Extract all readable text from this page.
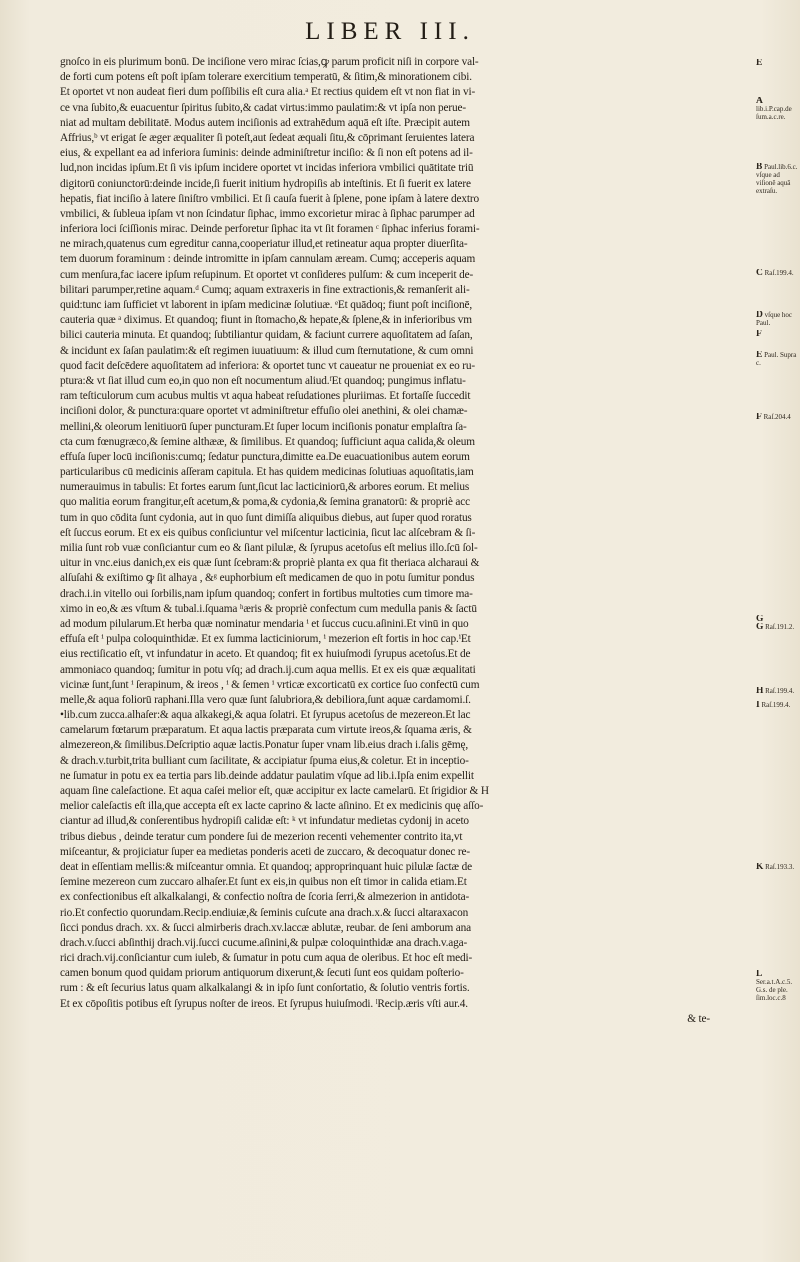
LIBER III.
gnoſco in eis plurimum bonū. De inciſione vero mirac ſcias,ꝙ parum proficit niſi in corpore val-
de forti cum potens eſt poſt ipſam tolerare exercitium temperatū, & ſitim,& minorationem cibi.
Et oportet vt non audeat fieri dum poſſibilis eſt cura alia.ᵃ Et rectius quidem eſt vt non fiat in vi-
ce vna ſubito,& euacuentur ſpiritus ſubito,& cadat virtus:immo paulatim:& vt ipſa non perue-
niat ad multam debilitatē. Modus autem inciſionis ad extrahēdum aquā eſt iſte. Præcipit autem
Affrius,ᵇ vt erigat ſe æger æqualiter ſi poteſt,aut ſedeat æquali ſitu,& cōprimant ſeruientes latera
eius, & expellant ea ad inferiora ſuminis: deinde adminiſtretur inciſio: & ſi non eſt potens ad il-
lud,non incidas ipſum.Et ſi vis ipſum incidere oportet vt incidas inferiora vmbilici quātitate triū
digitorū coniunctorū:deinde incide,ſi fuerit initium hydropiſis ab inteſtinis. Et ſi fuerit ex latere
hepatis, fiat inciſio à latere ſiniſtro vmbilici. Et ſi cauſa fuerit à ſplene, pone ipſam à latere dextro
vmbilici, & ſubleua ipſam vt non ſcindatur ſiphac, immo excorietur mirac à ſiphac parumper ad
inferiora loci ſciſſionis mirac. Deinde perforetur ſiphac ita vt ſit foramen ᶜ ſiphac inferius forami-
ne mirach,quatenus cum egreditur canna,cooperiatur illud,et retineatur aqua propter diuerſita-
tem duorum foraminum : deinde intromitte in ipſam cannulam æream. Cumq; acceperis aquam
cum menſura,fac iacere ipſum reſupinum. Et oportet vt conſideres pulſum: & cum inceperit de-
bilitari parumper,retine aquam.ᵈ Cumq; aquam extraxeris in fine extractionis,& remanſerit ali-
quid:tunc iam ſufficiet vt laborent in ipſam medicinæ ſolutiuæ. ᵉEt quādoq; fiunt poſt inciſionē,
cauteria quæ ᵃ diximus. Et quandoq; fiunt in ſtomacho,& hepate,& ſplene,& in inferioribus vm
bilici cauteria minuta. Et quandoq; ſubtiliantur quidam, & faciunt currere aquoſitatem ad ſaſan,
& incidunt ex ſaſan paulatim:& eſt regimen iuuatiuum: & illud cum ſternutatione, & cum omni
quod facit deſcēdere aquoſitatem ad inferiora: & oportet tunc vt caueatur ne proueniat ex eo ru-
ptura:& vt ſiat illud cum eo,in quo non eſt nocumentum aliud.ᶠEt quandoq; pungimus inflatu-
ram teſticulorum cum acubus multis vt aqua habeat reſudationes pluriimas. Et fortaſſe ſuccedit
inciſioni dolor, & punctura:quare oportet vt adminiſtretur effuſio olei anethini, & olei chamæ-
mellini,& oleorum lenitiuorū ſuper puncturam.Et ſuper locum inciſionis ponatur emplaſtra ſa-
cta cum fœnugræco,& ſemine althææ, & ſimilibus. Et quandoq; ſufficiunt aqua calida,& oleum
effuſa ſuper locū inciſionis:cumq; ſedatur punctura,dimitte ea.De euacuationibus autem eorum
particularibus cū medicinis aſſeram capitula. Et has quidem medicinas ſolutiuas aquoſitatis,iam
numerauimus in tabulis: Et fortes earum ſunt,ſicut lac lacticiniorū,& arbores eorum. Et melius
quo malitia eorum frangitur,eſt acetum,& poma,& cydonia,& ſemina granatorū: & propriè acc
tum in quo cōdita ſunt cydonia, aut in quo ſunt dimiſſa aliquibus diebus, aut ſuper quod roratus
eſt ſuccus eorum. Et ex eis quibus conſiciuntur vel miſcentur lacticinia, ſicut lac alſcebram & ſi-
milia ſunt rob vuæ conſiciantur cum eo & ſiant pilulæ, & ſyrupus acetoſus eſt melius illo.ſcū ſol-
uitur in vnc.eius danich,ex eis quæ ſunt ſcebram:& propriè planta ex qua fit theriaca alcharaui &
alſuſahi & exiſtimo ꝙ ſit alhaya , &ᵍ euphorbium eſt medicamen de quo in potu ſumitur pondus
drach.i.in vitello oui ſorbilis,nam ipſum quandoq; confert in fortibus multoties cum timore ma-
ximo in eo,& æs vſtum & tubal.i.ſquama ʰæris & propriè confectum cum medulla panis & ſactū
ad modum pilularum.Et herba quæ nominatur mendaria ⁱ et ſuccus cucu.aſinini.Et vinū in quo
effuſa eſt ⁱ pulpa coloquinthidæ. Et ex ſumma lacticiniorum, ⁱ mezerion eſt fortis in hoc cap.ⁱEt
eius rectiſicatio eſt, vt infundatur in aceto. Et quandoq; fit ex huiuſmodi ſyrupus acetoſus.Et de
ammoniaco quandoq; ſumitur in potu vſq; ad drach.ij.cum aqua mellis. Et ex eis quæ æqualitati
vicinæ ſunt,ſunt ⁱ ſerapinum, & ireos , ⁱ & ſemen ⁱ vrticæ excorticatū ex cortice ſuo confectū cum
melle,& aqua foliorū raphani.Illa vero quæ ſunt ſalubriora,& debiliora,ſunt aquæ cardamomi.ſ.
•lib.cum zucca.alhaſer:& aqua alkakegi,& aqua ſolatri. Et ſyrupus acetoſus de mezereon.Et lac
camelarum fœtarum præparatum. Et aqua lactis præparata cum virtute ireos,& ſquama æris, &
almezereon,& ſimilibus.Deſcriptio aquæ lactis.Ponatur ſuper vnam lib.eius drach i.ſalis gēmę,
& drach.v.turbit,trita bulliant cum ſacilitate, & accipiatur ſpuma eius,& coletur. Et in inceptio-
ne ſumatur in potu ex ea tertia pars lib.deinde addatur paulatim vſque ad lib.i.Ipſa enim expellit
aquam ſine caleſactione. Et aqua caſei melior eſt, quæ accipitur ex lacte camelarū. Et ſrigidior & H
melior caleſactis eſt illa,que accepta eſt ex lacte caprino & lacte aſinino. Et ex medicinis quę aſſo-
ciantur ad illud,& conſerentibus hydropiſi calidæ eſt: ᵏ vt infundatur medietas cydonij in aceto
tribus diebus , deinde teratur cum pondere ſui de mezerion recenti vehementer contrito ita,vt
miſceantur, & projiciatur ſuper ea medietas ponderis aceti de zuccaro, & decoquatur donec re-
deat in eſſentiam mellis:& miſceantur omnia. Et quandoq; approprinquant huic pilulæ ſactæ de
ſemine mezereon cum zuccaro alhaſer.Et ſunt ex eis,in quibus non eſt timor in calida etiam.Et
ex confectionibus eſt alkalkalangi, & confectio noſtra de ſcoria ſerri,& almezerion in antidota-
rio.Et confectio quorundam.Recip.endiuiæ,& ſeminis cuſcute ana drach.x.& ſucci altaraxacon
ſicci pondus drach. xx. & ſucci almirberis drach.xv.laccæ ablutæ, reubar. de ſeni amborum ana
drach.v.ſucci abſinthij drach.vij.ſucci cucume.aſinini,& pulpæ coloquinthidæ ana drach.v.aga-
rici drach.vij.conſiciantur cum iuleb, & ſumatur in potu cum aqua de oleribus. Et hoc eſt medi-
camen bonum quod quidam priorum antiquorum dixerunt,& ſecuti ſunt eos quidam poſterio-
rum : & eſt ſecurius latus quam alkalkalangi & in ipſo ſunt conſortatio, & ſolutio ventris fortis.
Et ex cōpoſitis potibus eſt ſyrupus noſter de ireos. Et ſyrupus huiuſmodi. ˡRecip.æris vſti aur.4.
& te-
E
A lib.i.P.cap.de ſum.a.c.re.
B Paul.lib.6.c. vſque ad viſionē aquā extraſu.
C Raſ.199.4.
D vſque hoc Paul.
F
E Paul. Supra c.
F Raſ.204.4
G
G Raſ.191.2.
H Raſ.199.4.
I Raſ.199.4.
K Raſ.193.3.
L Ser.a.t.A.c.5. G.s. de ple. ſim.loc.c.8
